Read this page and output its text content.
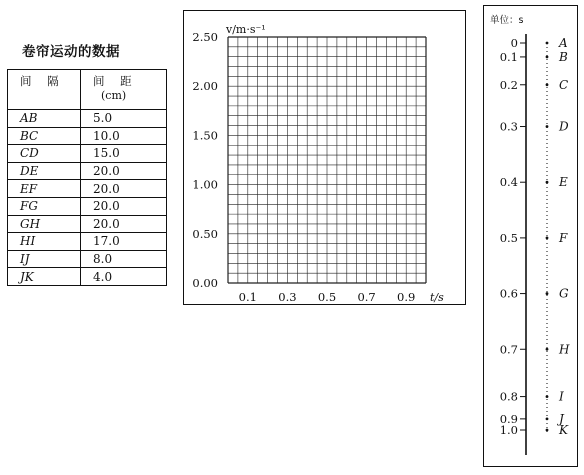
卷帘运动的数据
间 隔	间 距
(cm)

AB	5.0
BC	10.0
CD	15.0
DE	20.0
EF	20.0
FG	20.0
GH	20.0
HI	17.0
IJ	8.0
JK	4.0
2.50
2.00
1.50
1.00
0.50
0.00
0.1 0.3 0.5 0.7 0.9
v/m·s⁻¹
t/s
0	A
0.1	B
0.2	C
0.3	D
0.4	E
0.5	F
0.6	G
0.7	H
0.8	I
0.9	J
1.0	K
单位：s
